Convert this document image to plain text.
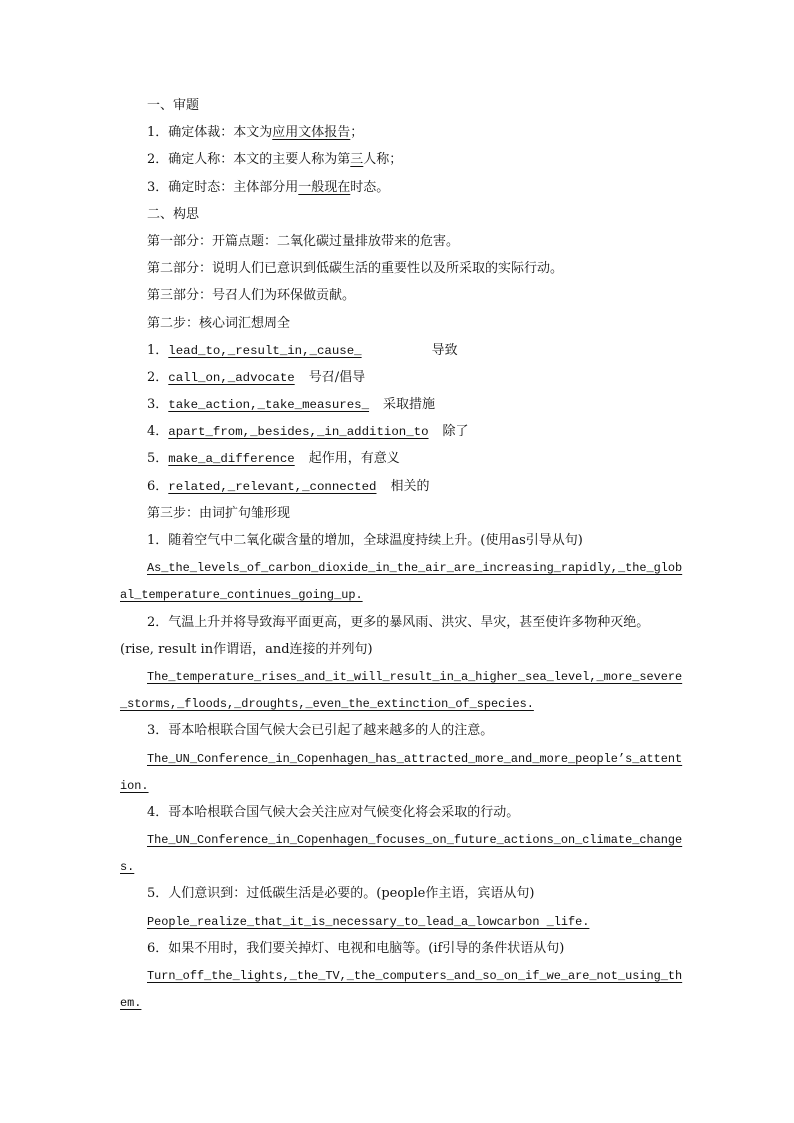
一、审题
1．确定体裁：本文为应用文体报告；
2．确定人称：本文的主要人称为第三人称；
3．确定时态：主体部分用一般现在时态。
二、构思
第一部分：开篇点题：二氧化碳过量排放带来的危害。
第二部分：说明人们已意识到低碳生活的重要性以及所采取的实际行动。
第三部分：号召人们为环保做贡献。
第二步：核心词汇想周全
1．lead_to,_result_in,_cause_	导致
2．call_on,_advocate 号召/倡导
3．take_action,_take_measures_ 采取措施
4．apart_from,_besides,_in_addition_to 除了
5．make_a_difference 起作用，有意义
6．related,_relevant,_connected 相关的
第三步：由词扩句雏形现
1．随着空气中二氧化碳含量的增加，全球温度持续上升。(使用as引导从句)
As_the_levels_of_carbon_dioxide_in_the_air_are_increasing_rapidly,_the_glob
al_temperature_continues_going_up.
2．气温上升并将导致海平面更高，更多的暴风雨、洪灾、旱灾，甚至使许多物种灭绝。
(rise, result in作谓语，and连接的并列句)
The_temperature_rises_and_it_will_result_in_a_higher_sea_level,_more_severe
_storms,_floods,_droughts,_even_the_extinction_of_species.
3．哥本哈根联合国气候大会已引起了越来越多的人的注意。
The_UN_Conference_in_Copenhagen_has_attracted_more_and_more_people’s_attent
ion.
4．哥本哈根联合国气候大会关注应对气候变化将会采取的行动。
The_UN_Conference_in_Copenhagen_focuses_on_future_actions_on_climate_change
s.
5．人们意识到：过低碳生活是必要的。(people作主语，宾语从句)
People_realize_that_it_is_necessary_to_lead_a_lowcarbon _life.
6．如果不用时，我们要关掉灯、电视和电脑等。(if引导的条件状语从句)
Turn_off_the_lights,_the_TV,_the_computers_and_so_on_if_we_are_not_using_th
em.
